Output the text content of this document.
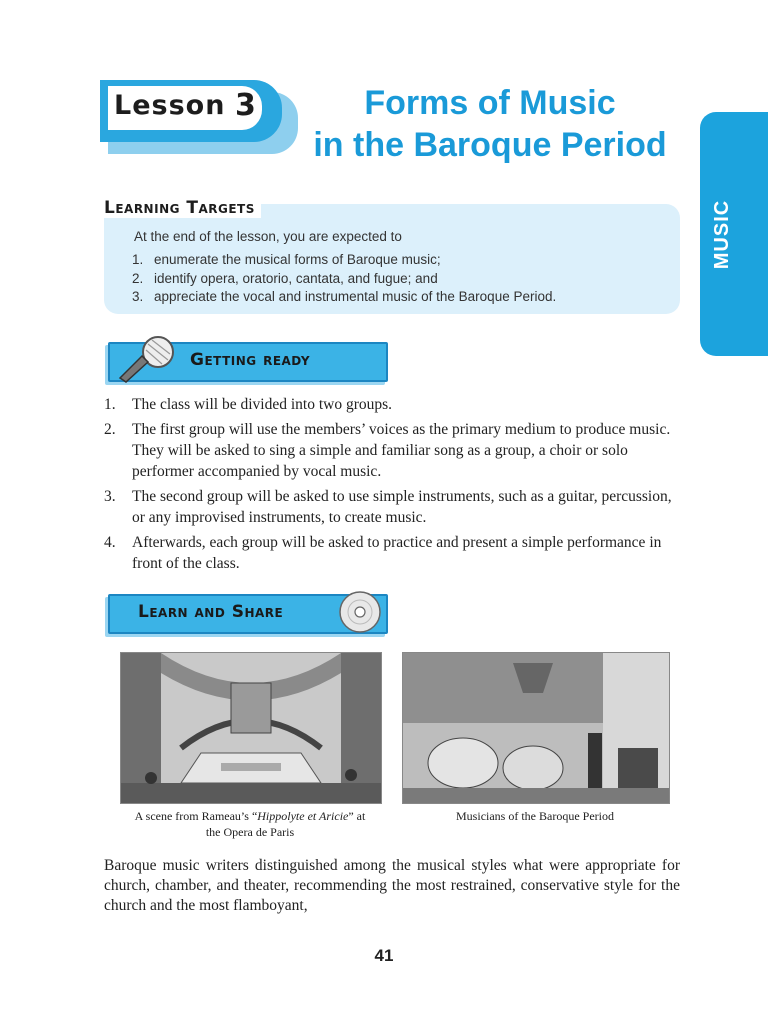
Lesson 3	Forms of Music
in the Baroque Period
MUSIC
Learning Targets
At the end of the lesson, you are expected to
1. enumerate the musical forms of Baroque music;
2. identify opera, oratorio, cantata, and fugue; and
3. appreciate the vocal and instrumental music of the Baroque Period.
Getting ready
1.	The class will be divided into two groups.
2.	The first group will use the members’ voices as the primary medium to produce music. They will be asked to sing a simple and familiar song as a group, a choir or solo performer accompanied by vocal music.
3.	The second group will be asked to use simple instruments, such as a guitar, percussion, or any improvised instruments, to create music.
4.	Afterwards, each group will be asked to practice and present a simple performance in front of the class.
Learn and Share
A scene from Rameau’s “Hippolyte et Aricie” at the Opera de Paris
Musicians of the Baroque Period
Baroque music writers distinguished among the musical styles what were appropriate for church, chamber, and theater, recommending the most restrained, conservative style for the church and the most flamboyant,
41
